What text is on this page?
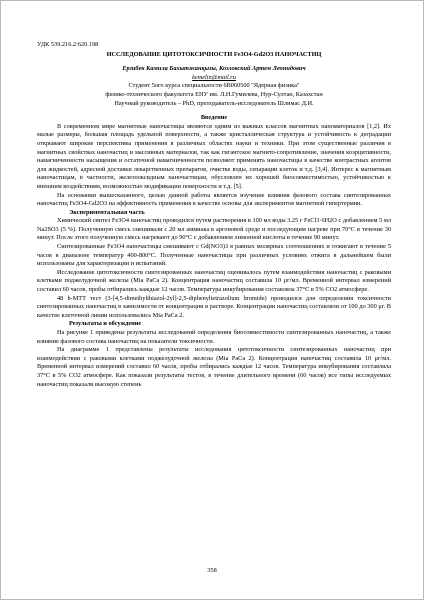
УДК 539.216.2:620.198

ИССЛЕДОВАНИЕ ЦИТОТОКСИЧНОСТИ Fe3O4-Gd2O3 НАНОЧАСТИЦ

Ергибек Камила Бахытжанқызы, Козловский Артем Леонидович

kemelin@mail.ru

Студент 5ого курса специальности 6В060500 "Ядерная физика"

физико-технического факультета ЕНУ им. Л.Н.Гумилева, Нур-Султан, Казахстан

Научный руководитель – PhD, преподаватель-исследователь Шлимас Д.И.

Введение

В современном мире магнитные наночастицы являются одним из важных классов магнитных наноматериалов [1,2]. Их малые размеры, большая площадь удельной поверхности, а также кристаллическая структура и устойчивость к деградации открывают широкие перспективы применения в различных областях науки и техники. При этом существенные различия в магнитных свойствах наночастиц и массивных материалов, так как гигантское магнито-сопротивление, значения коэрцитивности, намагниченности насыщения и остаточной намагниченности позволяют применять наночастицы в качестве контрастных агентов для жидкостей, адресной доставки лекарственных препаратов, очистке воды, сепарации клеток и т.д. [3,4]. Интерес к магнитным наночастицам, в частности, железооксидным наночастицам, обусловлен их хорошей биосовместимостью, устойчивостью к внешним воздействиям, возможностью модификации поверхности и т.д. [5].

На основании вышесказанного, целью данной работы является изучение влияния фазового состава синтезированных наночастиц Fe3O4-Gd2O3 на эффективность применения в качестве основы для экспериментов магнитной гипертермии.

Экспериментальная часть

Химический синтез Fe3O4 наночастиц проводился путем растворения в 100 мл воды 3.25 г FeCl3·6H2O с добавлением 5 мл Na2SO3 (5 %). Полученную смесь смешивали с 20 мл аммиака в аргоновой среде и последующим нагреве при 70°С в течение 30 минут. После этого полученную смесь нагревают до 90°С с добавлением лимонной кислоты в течение 90 минут.

Синтезированные Fe3O4 наночастицы смешивают с Gd(NO3)3 в равных молярных соотношениях и отжигают в течение 5 часов в диапазоне температур 400-800°С. Полученные наночастицы при различных условиях отжига в дальнейшем были использованы для характеризации и испытаний.

Исследование цитотоксичности синтезированных наночастиц оценивалось путем взаимодействия наночастиц с раковыми клетками поджелудочной железы (Mia PaCa 2). Концентрация наночастиц составила 10 μг/мл. Временной интервал измерений составил 60 часов, пробы отбирались каждые 12 часов. Температура инкубирования составляла 37°С в 5% CO2 атмосфере.

48 h-MTT тест (3-[4,5-dimethylthiazol-2yl]-2,5-diphenyltetrazolium bromide) проводился для определения токсичности синтезированных наночастиц в зависимости от концентрации в растворе. Концентрации наночастиц составляли от 100 до 300 μг. В качестве клеточной линии использовались Mia PaCa 2.

Результаты и обсуждение

На рисунке 1 приведены результаты исследований определения биосовместимости синтезированных наночастиц, а также влияние фазового состава наночастиц на показатели токсичности.

На диаграмме 1 представлены результаты исследования цитотоксичности синтезированных наночастиц при взаимодействии с раковыми клетками поджелудочной железы (Mia PaCa 2). Концентрация наночастиц составила 10 μг/мл. Временной интервал измерений составил 60 часов, пробы отбирались каждые 12 часов. Температура инкубирования составляла 37°С в 5% CO2 атмосфере. Как показали результаты тестов, в течение длительного времени (60 часов) все типы исследуемых наночастиц показали высокую степень

358
